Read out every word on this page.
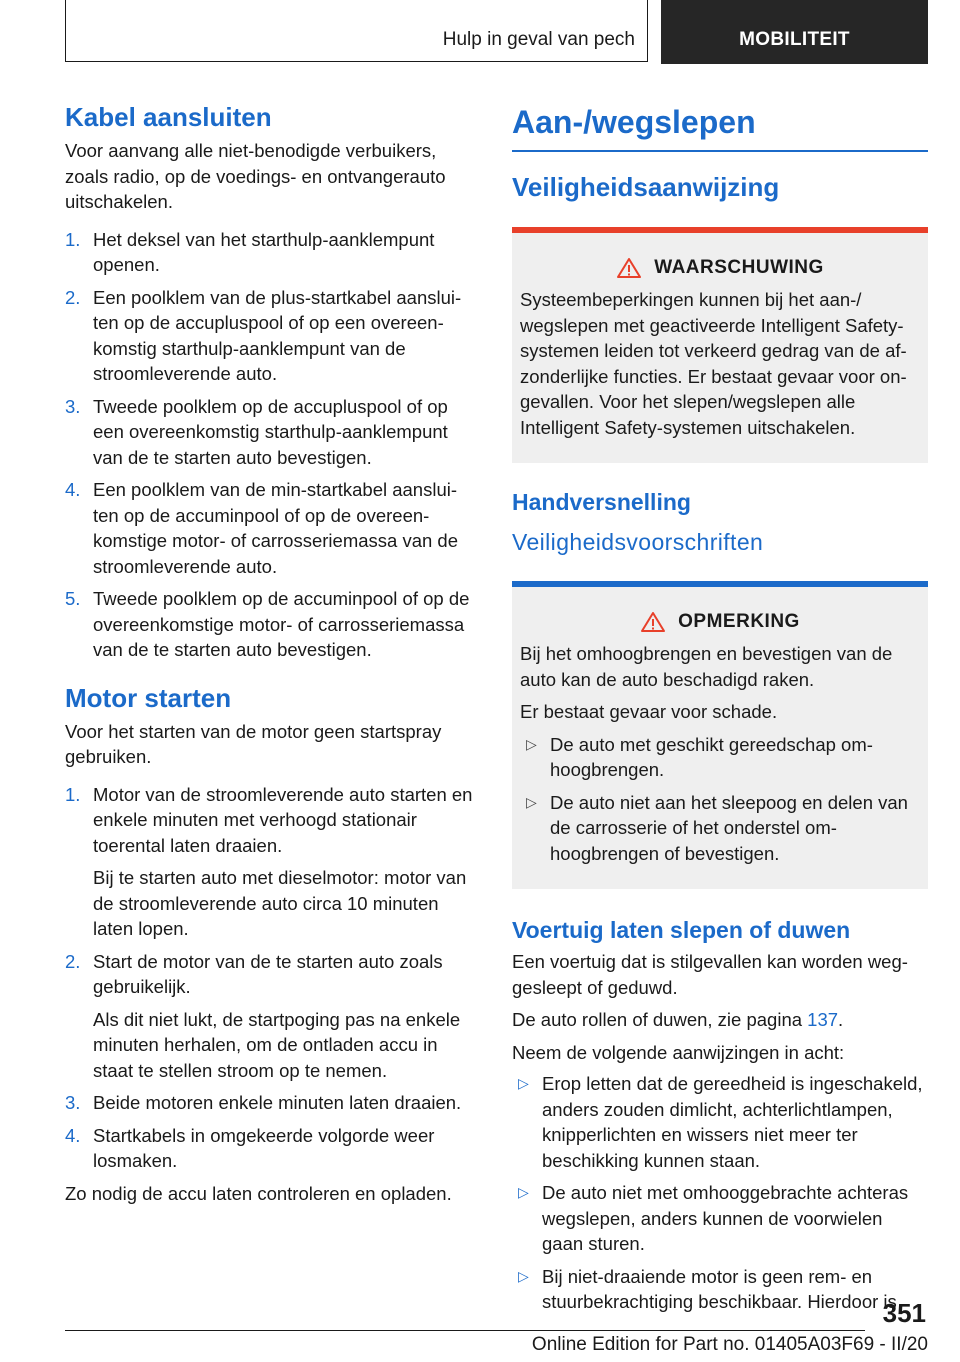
Hulp in geval van pech	MOBILITEIT
Kabel aansluiten

Voor aanvang alle niet-benodigde verbuikers, zoals radio, op de voedings- en ontvangerauto uitschakelen.

1. Het deksel van het starthulp-aanklempunt openen.
2. Een poolklem van de plus-startkabel aansluiten op de accupluspool of op een overeenkomstig starthulp-aanklempunt van de stroomleverende auto.
3. Tweede poolklem op de accupluspool of op een overeenkomstig starthulp-aanklempunt van de te starten auto bevestigen.
4. Een poolklem van de min-startkabel aansluiten op de accuminpool of op de overeenkomstige motor- of carrosseriemassa van de stroomleverende auto.
5. Tweede poolklem op de accuminpool of op de overeenkomstige motor- of carrosseriemassa van de te starten auto bevestigen.
Motor starten

Voor het starten van de motor geen startspray gebruiken.

1. Motor van de stroomleverende auto starten en enkele minuten met verhoogd stationair toerental laten draaien.
Bij te starten auto met dieselmotor: motor van de stroomleverende auto circa 10 minuten laten lopen.
2. Start de motor van de te starten auto zoals gebruikelijk.
Als dit niet lukt, de startpoging pas na enkele minuten herhalen, om de ontladen accu in staat te stellen stroom op te nemen.
3. Beide motoren enkele minuten laten draaien.
4. Startkabels in omgekeerde volgorde weer losmaken.

Zo nodig de accu laten controleren en opladen.

Aan-/wegslepen
Veiligheidsaanwijzing
WAARSCHUWING

Systeembeperkingen kunnen bij het aan-/ wegslepen met geactiveerde Intelligent Safety-systemen leiden tot verkeerd gedrag van de afzonderlijke functies. Er bestaat gevaar voor ongevallen. Voor het slepen/wegslepen alle Intelligent Safety-systemen uitschakelen.

Handversnelling
Veiligheidsvoorschriften
OPMERKING

Bij het omhoogbrengen en bevestigen van de auto kan de auto beschadigd raken.

Er bestaat gevaar voor schade.

▷ De auto met geschikt gereedschap omhoogbrengen.
▷ De auto niet aan het sleepoog en delen van de carrosserie of het onderstel omhoogbrengen of bevestigen.
Voertuig laten slepen of duwen

Een voertuig dat is stilgevallen kan worden weggesleept of geduwd.

De auto rollen of duwen, zie pagina 137.

Neem de volgende aanwijzingen in acht:

▷ Erop letten dat de gereedheid is ingeschakeld, anders zouden dimlicht, achterlichtlampen, knipperlichten en wissers niet meer ter beschikking kunnen staan.
▷ De auto niet met omhooggebrachte achteras wegslepen, anders kunnen de voorwielen gaan sturen.
▷ Bij niet-draaiende motor is geen rem- en stuurbekrachtiging beschikbaar. Hierdoor is
351
Online Edition for Part no. 01405A03F69 - II/20
